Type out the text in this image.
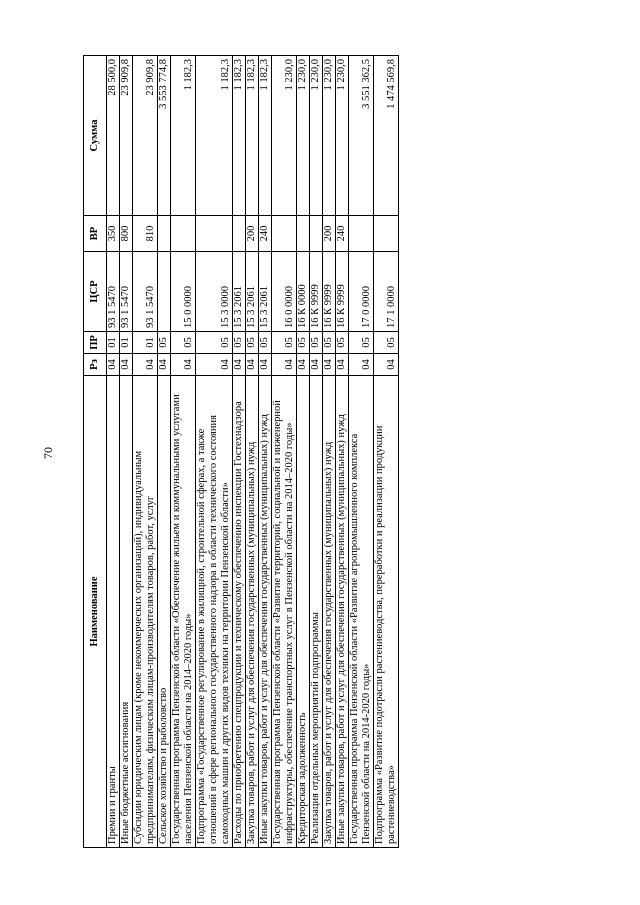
70
Наименование	Рз	ПР	ЦСР	ВР	Сумма
Премии и гранты	04	01	93 1 5470	350	28 500,0
Иные бюджетные ассигнования	04	01	93 1 5470	800	23 909,8
Субсидии юридическим лицам (кроме некоммерческих организаций), индивидуальным предпринимателям, физическим лицам-производителям товаров, работ, услуг	04	01	93 1 5470	810	23 909,8
Сельское хозяйство и рыболовство	04	05			3 553 774,8
Государственная программа Пензенской области «Обеспечение жильем и коммунальными услугами населения Пензенской области на 2014–2020 годы»	04	05	15 0 0000		1 182,3
Подпрограмма «Государственное регулирование в жилищной, строительной сферах, а также отношений в сфере регионального государственного надзора в области технического состояния самоходных машин и других видов техники на территории Пензенской области»	04	05	15 3 0000		1 182,3
Расходы по приобретению спецпродукции и техническому обеспечению инспекции Гостехнадзора	04	05	15 3 2061		1 182,3
Закупка товаров, работ и услуг для обеспечения государственных (муниципальных) нужд	04	05	15 3 2061	200	1 182,3
Иные закупки товаров, работ и услуг для обеспечения государственных (муниципальных) нужд	04	05	15 3 2061	240	1 182,3
Государственная программа Пензенской области «Развитие территорий, социальной и инженерной инфраструктуры, обеспечение транспортных услуг в Пензенской области на 2014–2020 годы»	04	05	16 0 0000		1 230,0
Кредиторская задолженность	04	05	16 К 0000		1 230,0
Реализация отдельных мероприятий подпрограммы	04	05	16 К 9999		1 230,0
Закупка товаров, работ и услуг для обеспечения государственных (муниципальных) нужд	04	05	16 К 9999	200	1 230,0
Иные закупки товаров, работ и услуг для обеспечения государственных (муниципальных) нужд	04	05	16 К 9999	240	1 230,0
Государственная программа Пензенской области «Развитие агропромышленного комплекса Пензенской области на 2014-2020 годы»	04	05	17 0 0000		3 551 362,5
Подпрограмма «Развитие подотрасли растениеводства, переработки и реализации продукции растениеводства»	04	05	17 1 0000		1 474 569,8
